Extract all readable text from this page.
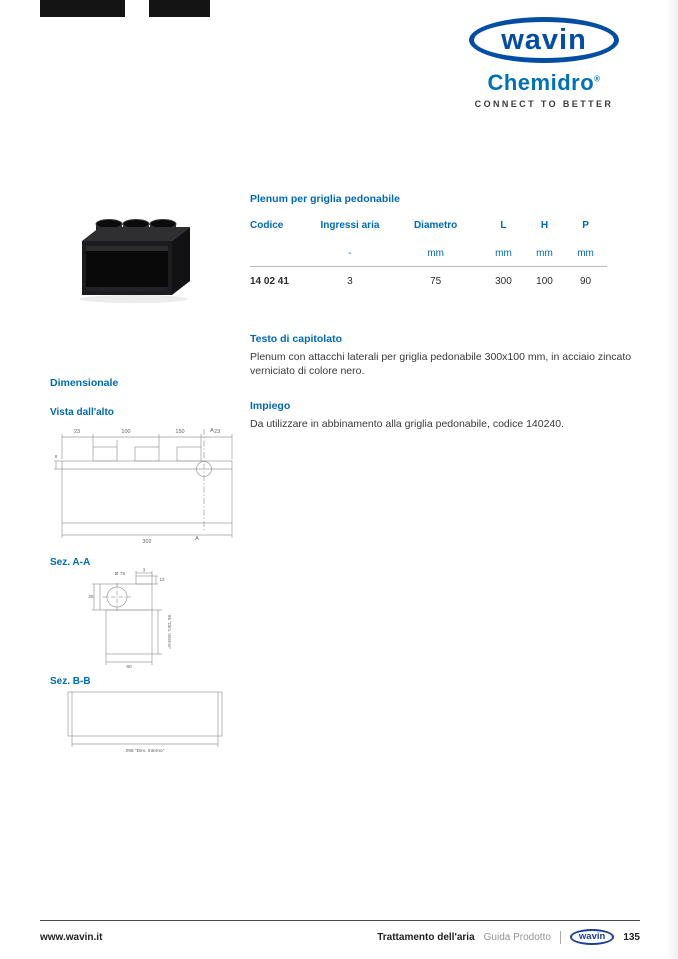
wavin
Chemidro®
CONNECT TO BETTER
Plenum per griglia pedonabile
Codice	Ingressi aria	Diametro	L	H	P
	-	mm	mm	mm	mm
14 02 41	3	75	300	100	90
Testo di capitolato

Plenum con attacchi laterali per griglia pedonabile 300x100 mm, in acciaio zincato verniciato di colore nero.

Impiego

Da utilizzare in abbinamento alla griglia pedonabile, codice 140240.

Dimensionale
Vista dall'alto
23	100	150	23
302
8
A
A
Sez. A-A
3
Ø 75
25
12
90
86 "Dim. Interno"
Sez. B-B
298 "Dim. Interno"
www.wavin.it	Trattamento dell'aria Guida Prodotto	wavin 135
